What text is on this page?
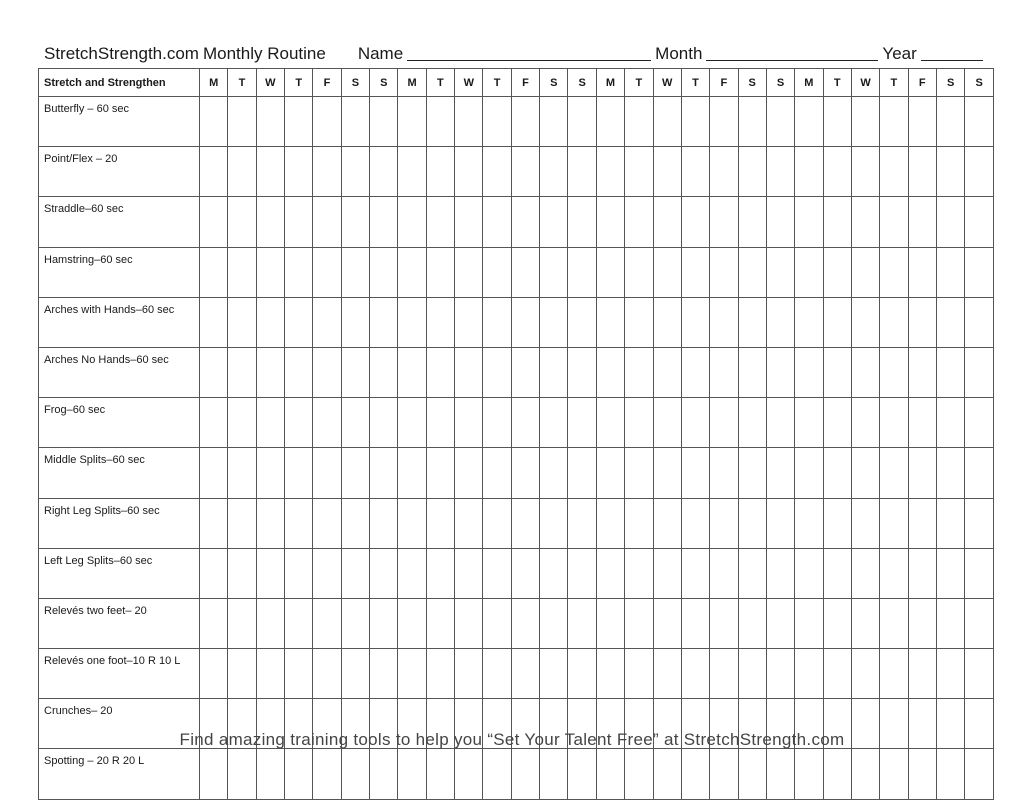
StretchStrength.com Monthly Routine Name	Month	Year
Stretch and Strengthen	M	T	W	T	F	S	S	M	T	W	T	F	S	S	M	T	W	T	F	S	S	M	T	W	T	F	S	S
Butterfly – 60 sec																												
Point/Flex – 20																												
Straddle–60 sec																												
Hamstring–60 sec																												
Arches with Hands–60 sec																												
Arches No Hands–60 sec																												
Frog–60 sec																												
Middle Splits–60 sec																												
Right Leg Splits–60 sec																												
Left Leg Splits–60 sec																												
Relevés two feet– 20																												
Relevés one foot–10 R 10 L																												
Crunches– 20																												
Spotting – 20 R 20 L																												
Find amazing training tools to help you “Set Your Talent Free” at StretchStrength.com
